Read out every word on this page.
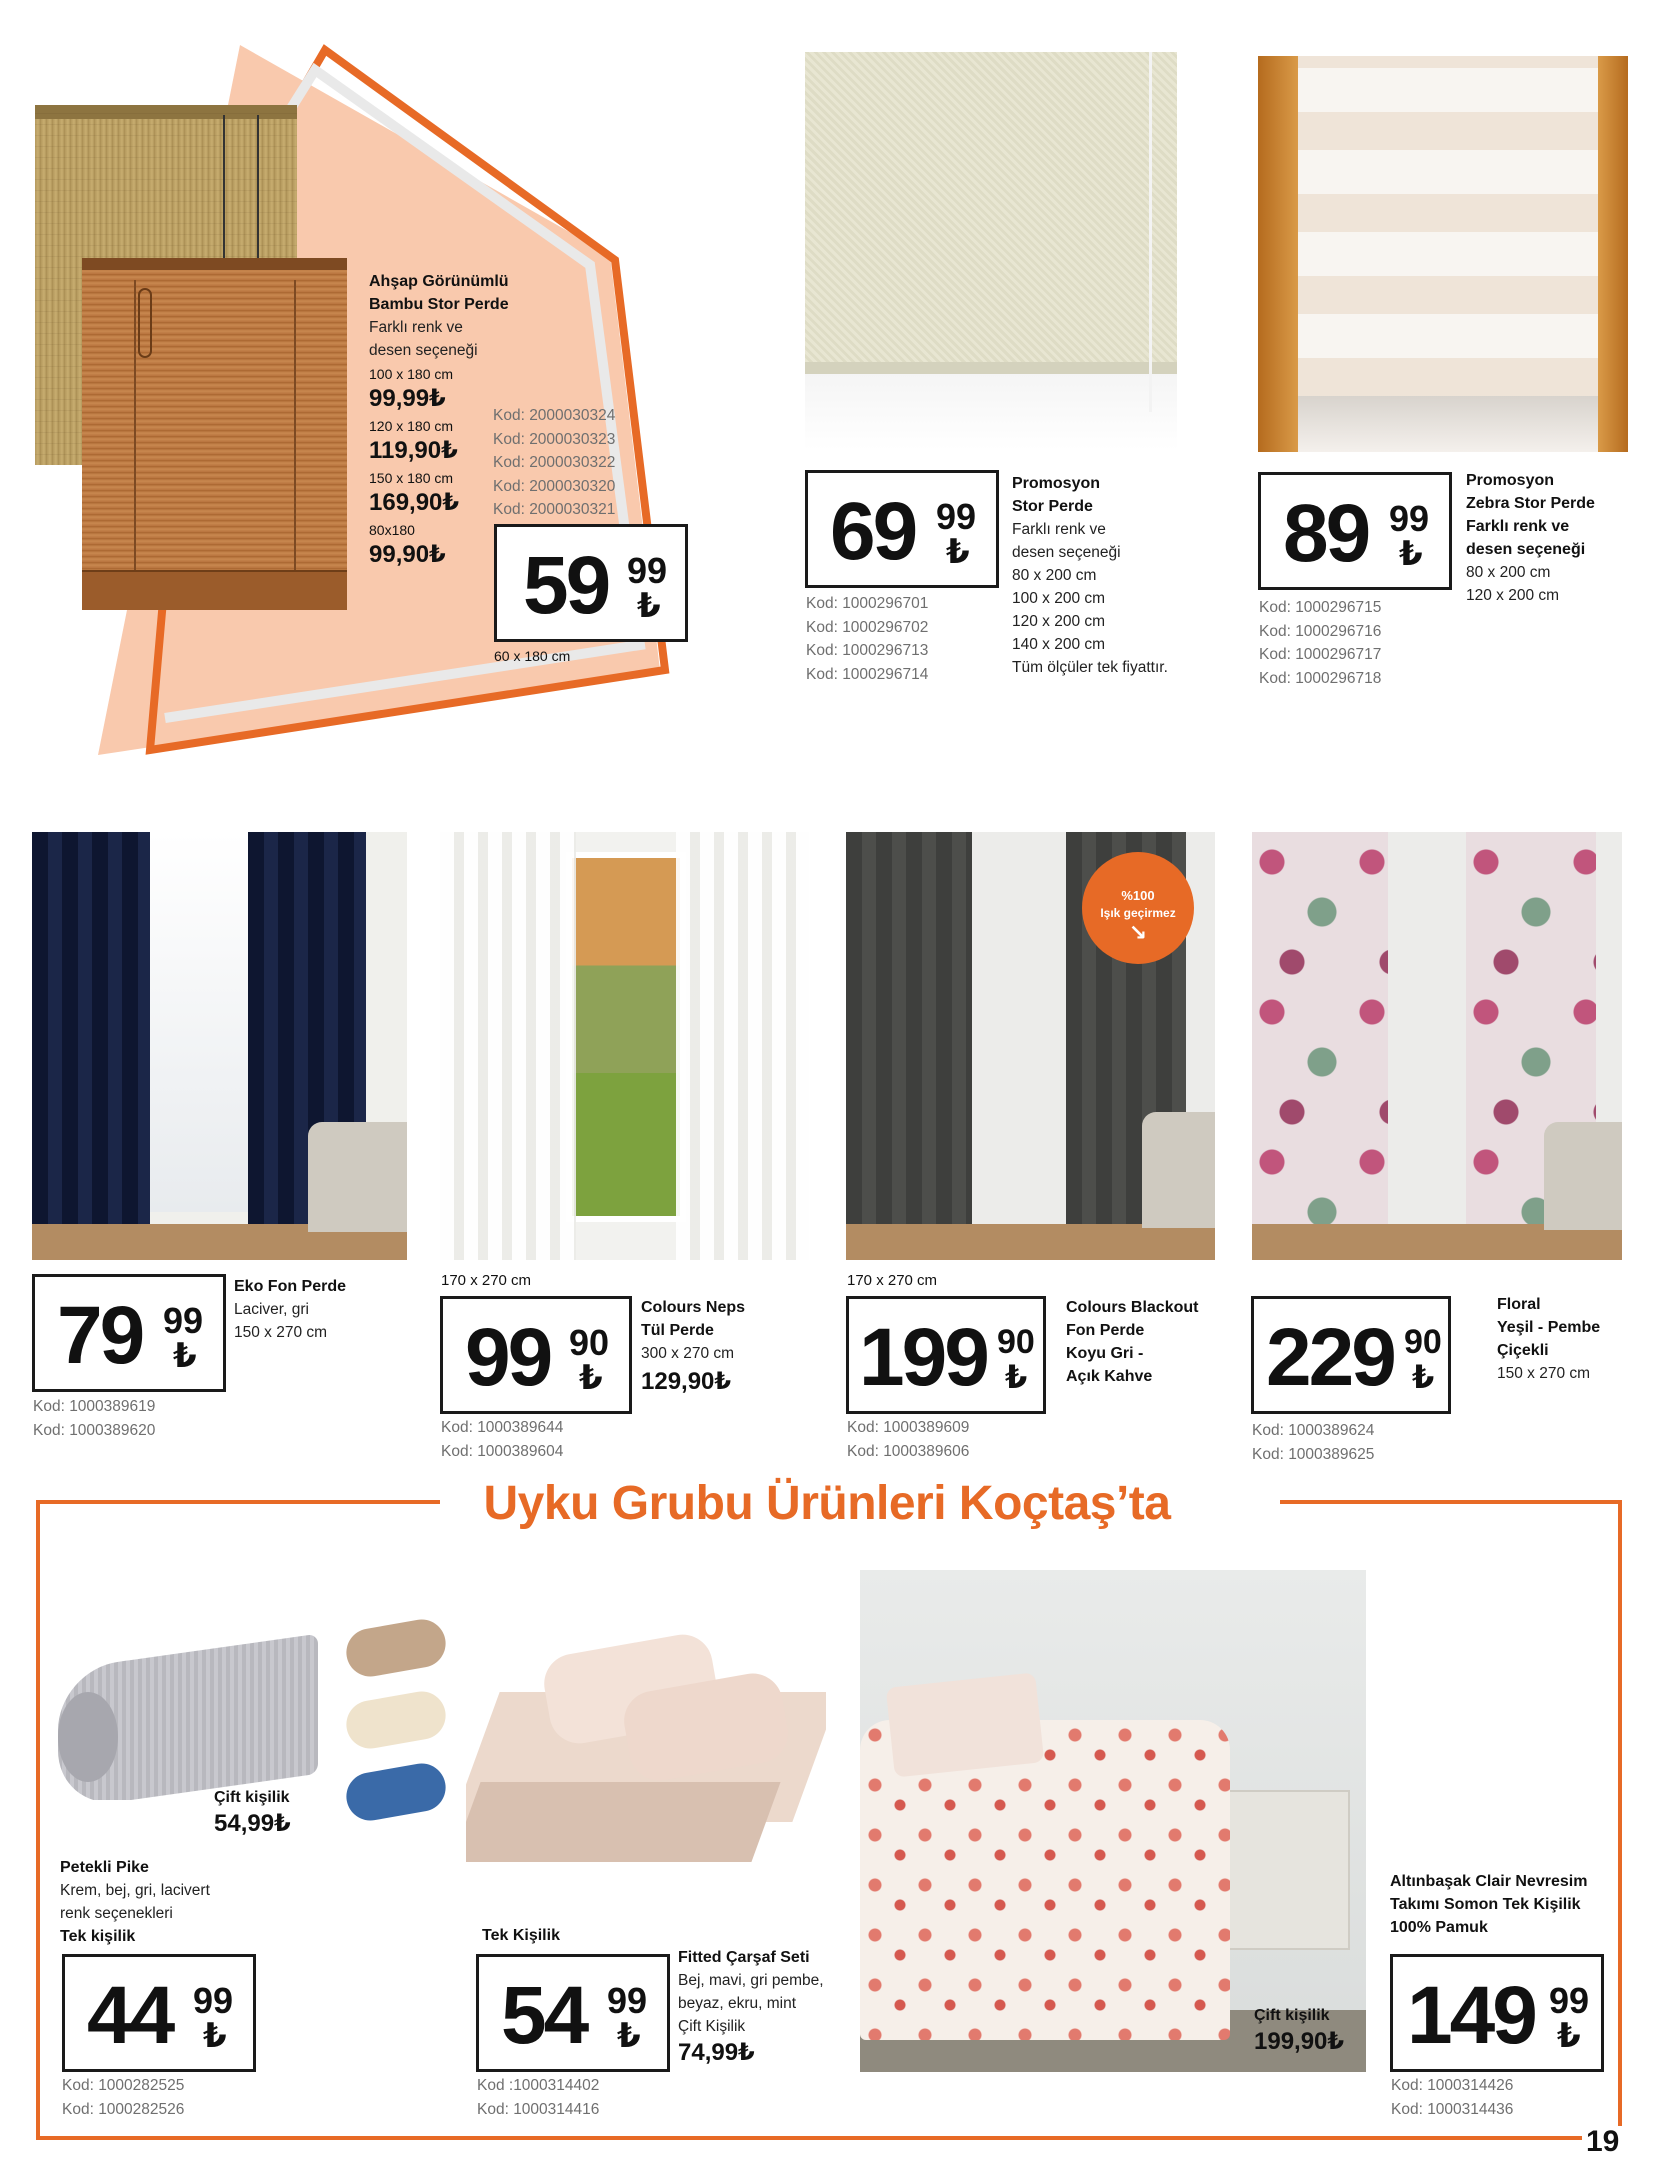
Ahşap Görünümlü
Bambu Stor Perde
Farklı renk ve
desen seçeneği
100 x 180 cm
99,99₺
120 x 180 cm
119,90₺
150 x 180 cm
169,90₺
80x180
99,90₺
Kod: 2000030324
Kod: 2000030323
Kod: 2000030322
Kod: 2000030320
Kod: 2000030321
59 99
₺
60 x 180 cm
69 99
₺
Kod: 1000296701
Kod: 1000296702
Kod: 1000296713
Kod: 1000296714
Promosyon
Stor Perde
Farklı renk ve
desen seçeneği
80 x 200 cm
100 x 200 cm
120 x 200 cm
140 x 200 cm
Tüm ölçüler tek fiyattır.
89 99
₺
Kod: 1000296715
Kod: 1000296716
Kod: 1000296717
Kod: 1000296718
Promosyon
Zebra Stor Perde
Farklı renk ve
desen seçeneği
80 x 200 cm
120 x 200 cm
79 99
₺
Kod: 1000389619
Kod: 1000389620
Eko Fon Perde
Laciver, gri
150 x 270 cm
170 x 270 cm
99 90
₺
Kod: 1000389644
Kod: 1000389604
Colours Neps
Tül Perde
300 x 270 cm
129,90₺
%100
Işık geçirmez
↘
170 x 270 cm
199 90
₺
Kod: 1000389609
Kod: 1000389606
Colours Blackout
Fon Perde
Koyu Gri -
Açık Kahve	229 90
₺
Kod: 1000389624
Kod: 1000389625
Floral
Yeşil - Pembe
Çiçekli
150 x 270 cm
Uyku Grubu Ürünleri Koçtaş’ta
Çift kişilik
54,99₺
Petekli Pike
Krem, bej, gri, lacivert
renk seçenekleri
Tek kişilik
44 99
₺
Kod: 1000282525
Kod: 1000282526
Tek Kişilik
54 99
₺
Kod :1000314402
Kod: 1000314416
Fitted Çarşaf Seti
Bej, mavi, gri pembe,
beyaz, ekru, mint
Çift Kişilik
74,99₺
Çift kişilik
199,90₺
Altınbaşak Clair Nevresim
Takımı Somon Tek Kişilik
100% Pamuk
149 99
₺
Kod: 1000314426
Kod: 1000314436
19
